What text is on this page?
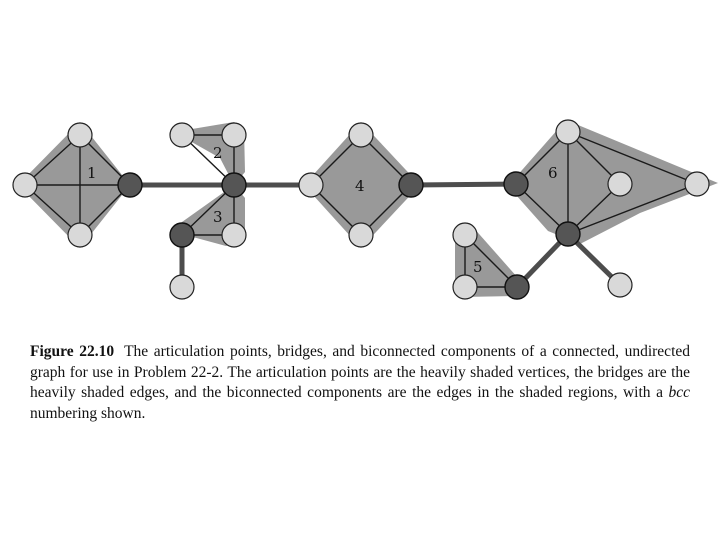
1
2
3
4
5
6
Figure 22.10 The articulation points, bridges, and biconnected components of a connected, undirected graph for use in Problem 22-2. The articulation points are the heavily shaded vertices, the bridges are the heavily shaded edges, and the biconnected components are the edges in the shaded regions, with a bcc numbering shown.
